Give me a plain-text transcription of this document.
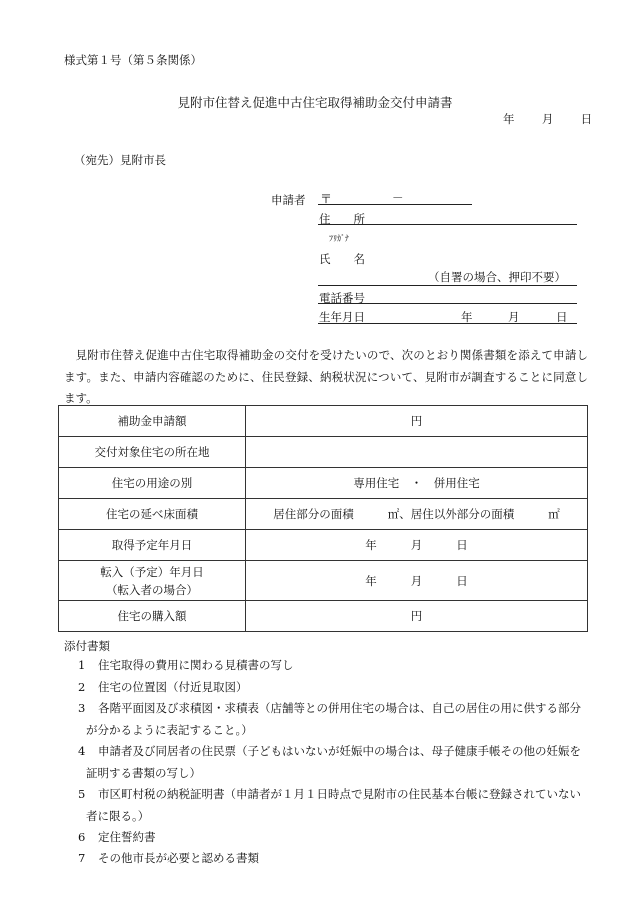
様式第１号（第５条関係）
見附市住替え促進中古住宅取得補助金交付申請書
年 月 日
（宛先）見附市長
申請者 〒	－
住　　所
ﾌﾘｶﾞﾅ
氏　　名
（自署の場合、押印不要）
電話番号
生年月日	年	月	日
見附市住替え促進中古住宅取得補助金の交付を受けたいので、次のとおり関係書類を添えて申請します。また、申請内容確認のために、住民登録、納税状況について、見附市が調査することに同意します。
補助金申請額	円
交付対象住宅の所在地	
住宅の用途の別	専用住宅　・　併用住宅
住宅の延べ床面積	居住部分の面積 ㎡、居住以外部分の面積 ㎡
取得予定年月日	年 月 日

転入（予定）年月日
（転入者の場合）	年 月 日
住宅の購入額	円
添付書類
1 住宅取得の費用に関わる見積書の写し
2 住宅の位置図（付近見取図）
3 各階平面図及び求積図・求積表（店舗等との併用住宅の場合は、自己の居住の用に供する部分
が分かるように表記すること。）
4 申請者及び同居者の住民票（子どもはいないが妊娠中の場合は、母子健康手帳その他の妊娠を
証明する書類の写し）
5 市区町村税の納税証明書（申請者が１月１日時点で見附市の住民基本台帳に登録されていない
者に限る。）
6 定住誓約書
7 その他市長が必要と認める書類
